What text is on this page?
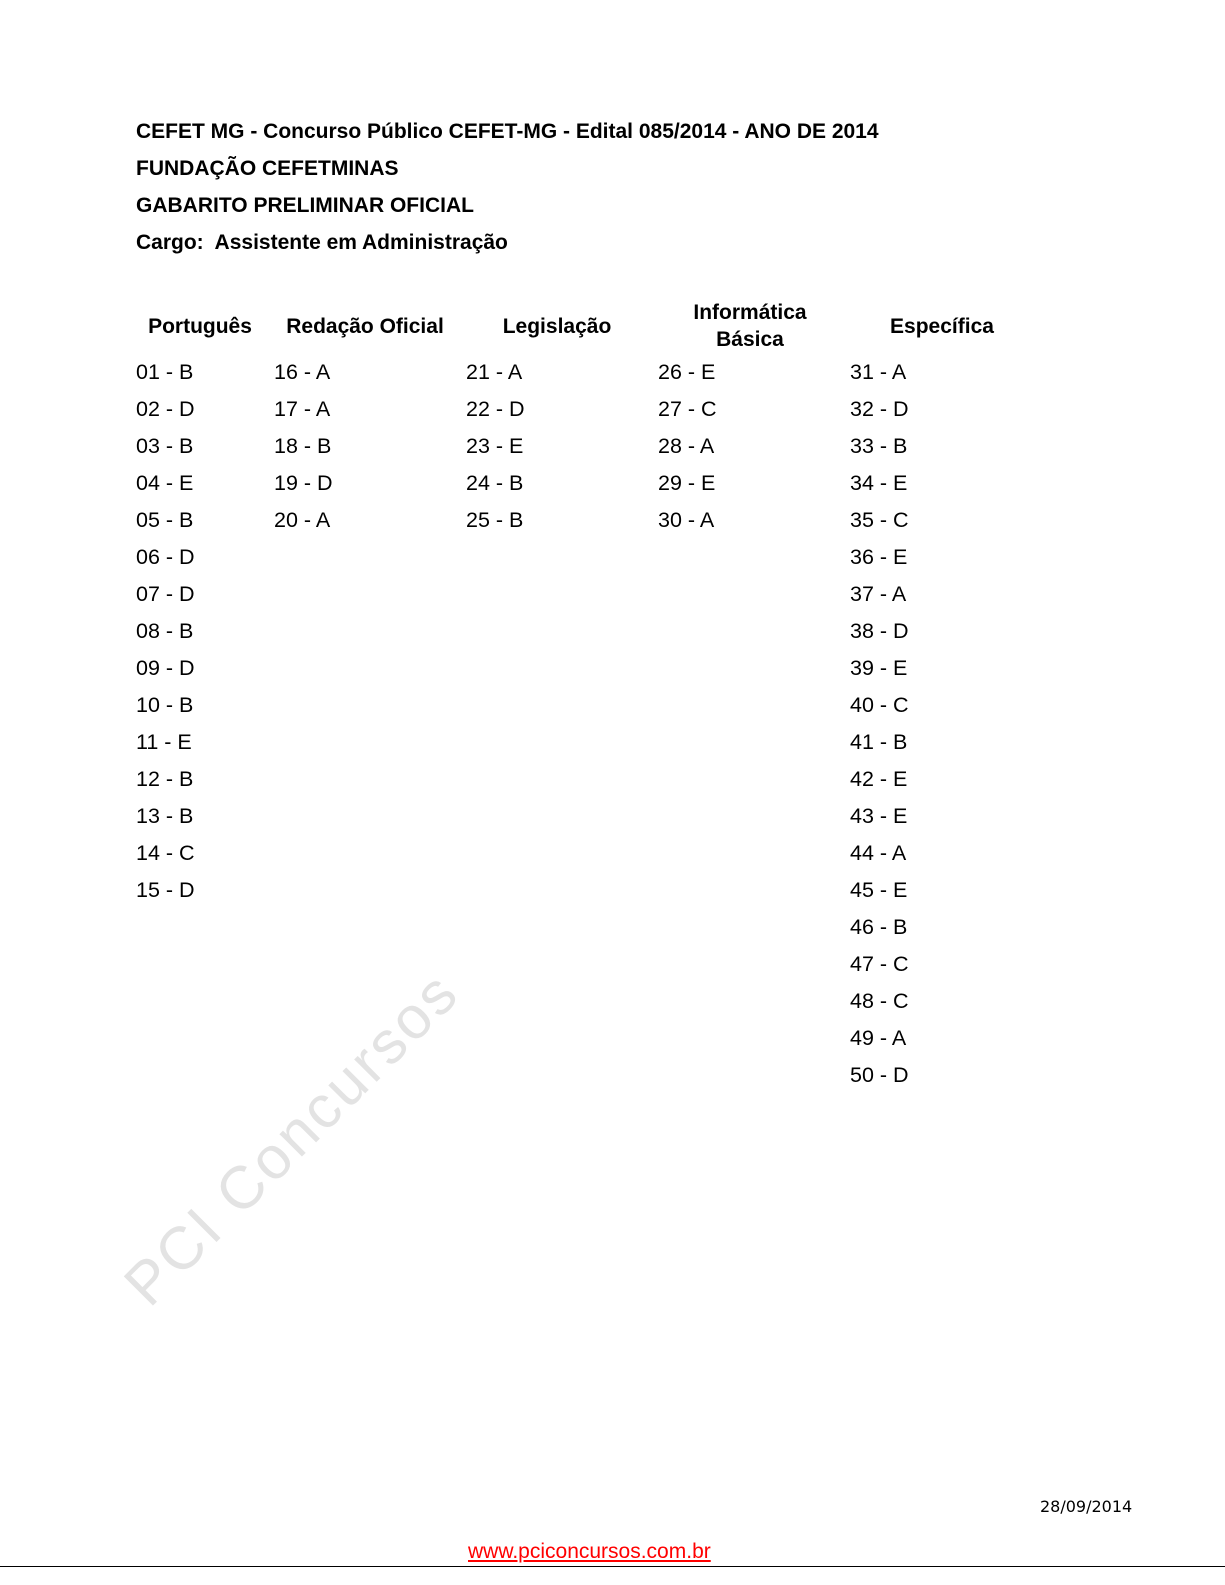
CEFET MG - Concurso Público CEFET-MG - Edital 085/2014 - ANO DE 2014
FUNDAÇÃO CEFETMINAS
GABARITO PRELIMINAR OFICIAL
Cargo:  Assistente em Administração
Português Redação Oficial	Legislação
Informática
Básica
Específica
01 - B
02 - D
03 - B
04 - E
05 - B
06 - D
07 - D
08 - B
09 - D
10 - B
11 - E
12 - B
13 - B
14 - C
15 - D
16 - A
17 - A
18 - B
19 - D
20 - A
21 - A
22 - D
23 - E
24 - B
25 - B
26 - E
27 - C
28 - A
29 - E
30 - A
31 - A
32 - D
33 - B
34 - E
35 - C
36 - E
37 - A
38 - D
39 - E
40 - C
41 - B
42 - E
43 - E
44 - A
45 - E
46 - B
47 - C
48 - C
49 - A
50 - D
PCI Concursos
28/09/2014
www.pciconcursos.com.br
